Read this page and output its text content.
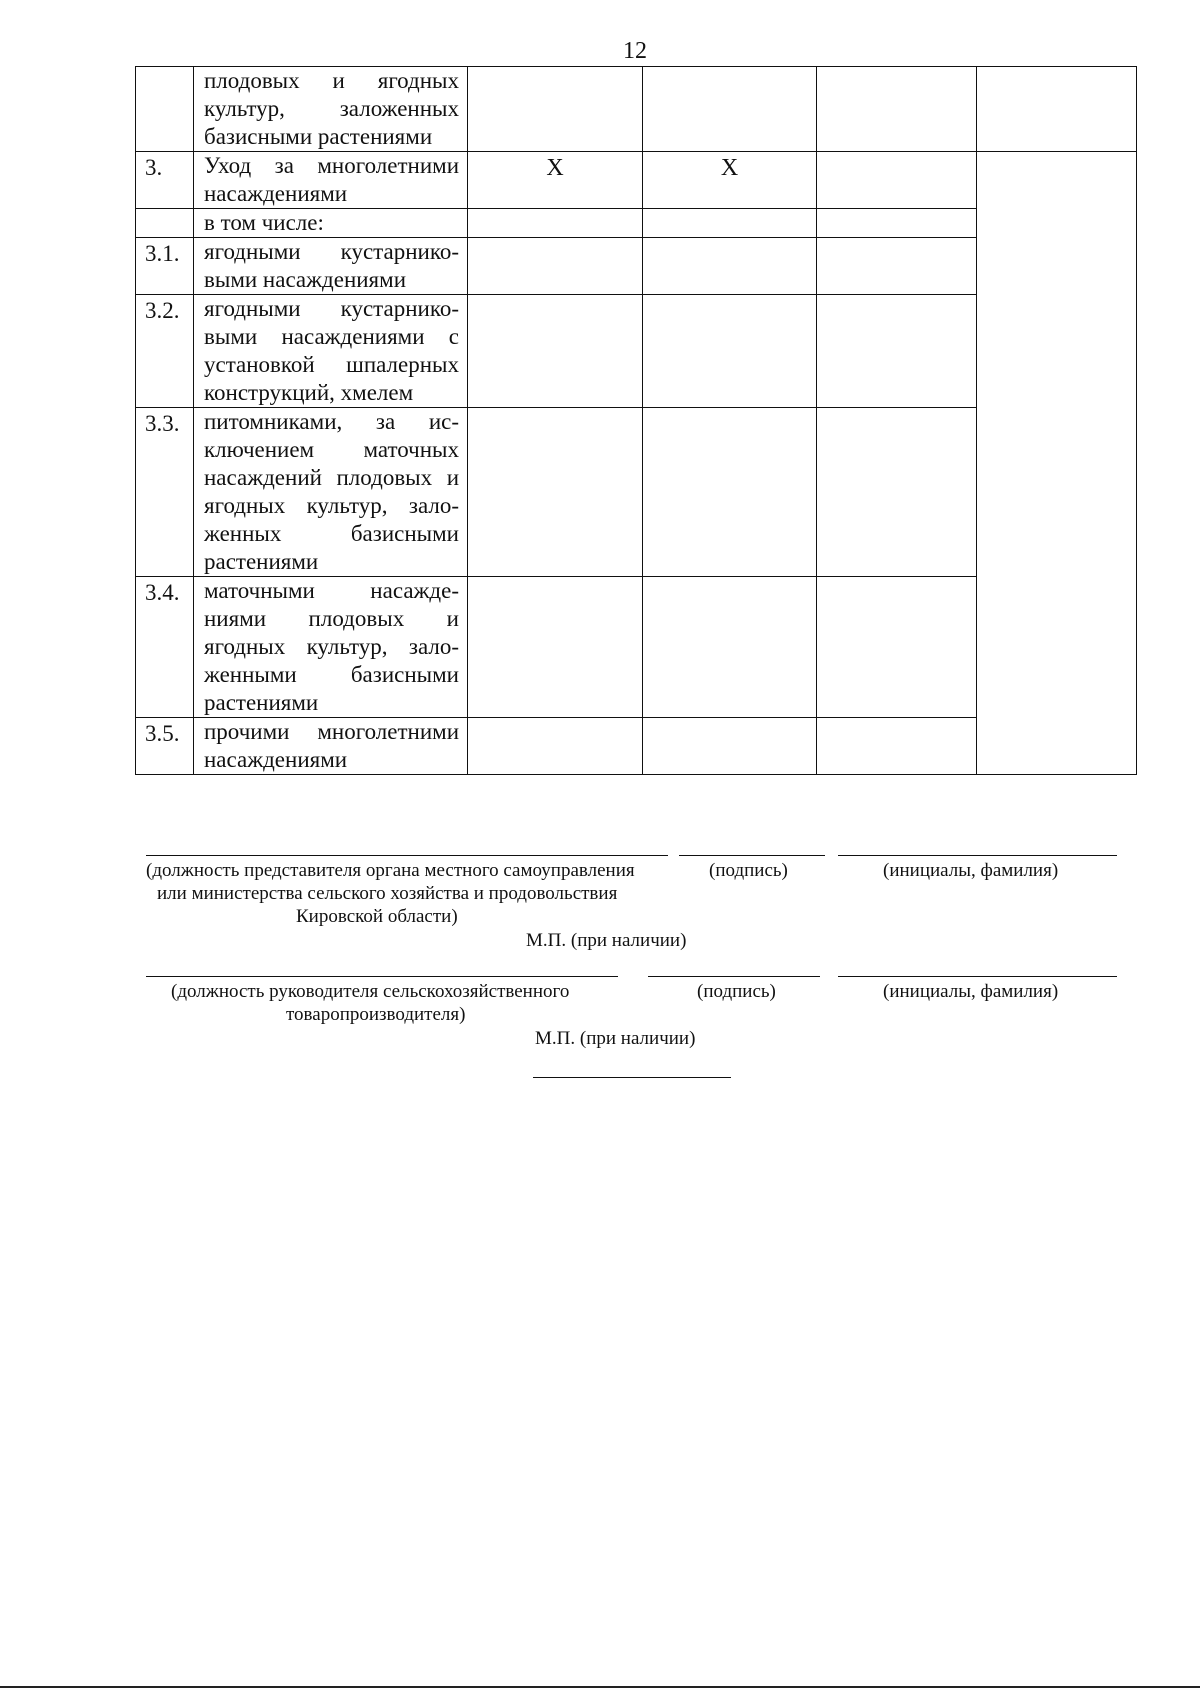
12
	плодовых и ягодных культур, заложенных базисными растениями				
3.	Уход за многолетними насаждениями	Х	Х		
	в том числе:				
3.1.	ягодными кустарнико-выми насаждениями				
3.2.	ягодными кустарнико-выми насаждениями с установкой шпалерных конструкций, хмелем				
3.3.	питомниками, за ис-ключением маточных насаждений плодовых и ягодных культур, зало-женных базисными растениями				
3.4.	маточными насажде-ниями плодовых и ягодных культур, зало-женными базисными растениями				
3.5.	прочими многолетними насаждениями				
(должность представителя органа местного самоуправления	(подпись)	(инициалы, фамилия)
или министерства сельского хозяйства и продовольствия
Кировской области)
М.П. (при наличии)
(должность руководителя сельскохозяйственного	(подпись)	(инициалы, фамилия)
товаропроизводителя)
М.П. (при наличии)
